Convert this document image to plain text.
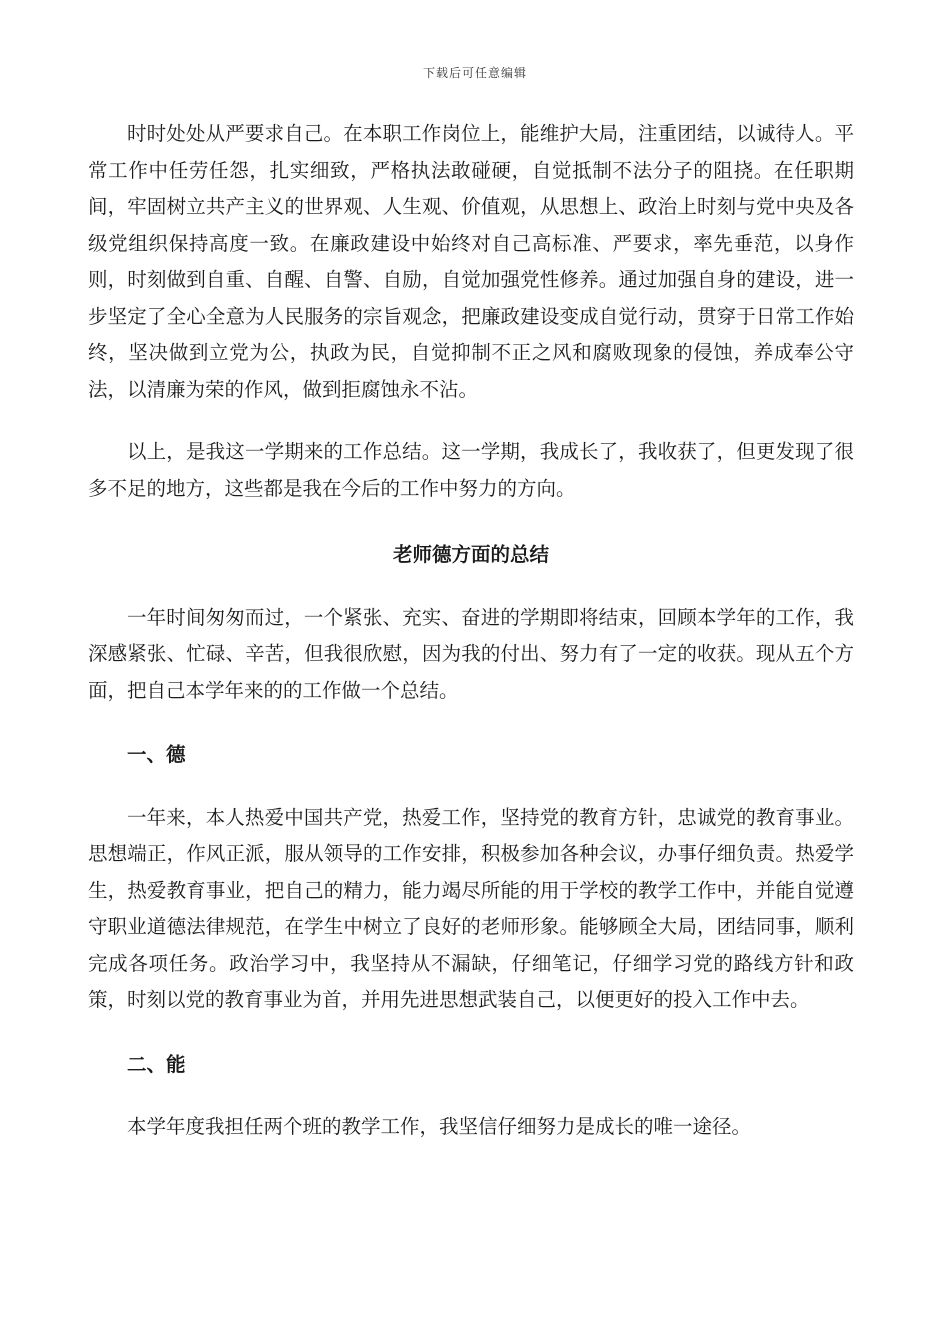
下载后可任意编辑

时时处处从严要求自己。在本职工作岗位上，能维护大局，注重团结，以诚待人。平常工作中任劳任怨，扎实细致，严格执法敢碰硬，自觉抵制不法分子的阻挠。在任职期间，牢固树立共产主义的世界观、人生观、价值观，从思想上、政治上时刻与党中央及各级党组织保持高度一致。在廉政建设中始终对自己高标准、严要求，率先垂范，以身作则，时刻做到自重、自醒、自警、自励，自觉加强党性修养。通过加强自身的建设，进一步坚定了全心全意为人民服务的宗旨观念，把廉政建设变成自觉行动，贯穿于日常工作始终，坚决做到立党为公，执政为民，自觉抑制不正之风和腐败现象的侵蚀，养成奉公守法，以清廉为荣的作风，做到拒腐蚀永不沾。

以上，是我这一学期来的工作总结。这一学期，我成长了，我收获了，但更发现了很多不足的地方，这些都是我在今后的工作中努力的方向。

老师德方面的总结

一年时间匆匆而过，一个紧张、充实、奋进的学期即将结束，回顾本学年的工作，我深感紧张、忙碌、辛苦，但我很欣慰，因为我的付出、努力有了一定的收获。现从五个方面，把自己本学年来的的工作做一个总结。

一、德

一年来，本人热爱中国共产党，热爱工作，坚持党的教育方针，忠诚党的教育事业。思想端正，作风正派，服从领导的工作安排，积极参加各种会议，办事仔细负责。热爱学生，热爱教育事业，把自己的精力，能力竭尽所能的用于学校的教学工作中，并能自觉遵守职业道德法律规范，在学生中树立了良好的老师形象。能够顾全大局，团结同事，顺利完成各项任务。政治学习中，我坚持从不漏缺，仔细笔记，仔细学习党的路线方针和政策，时刻以党的教育事业为首，并用先进思想武装自己，以便更好的投入工作中去。

二、能

本学年度我担任两个班的教学工作，我坚信仔细努力是成长的唯一途径。
